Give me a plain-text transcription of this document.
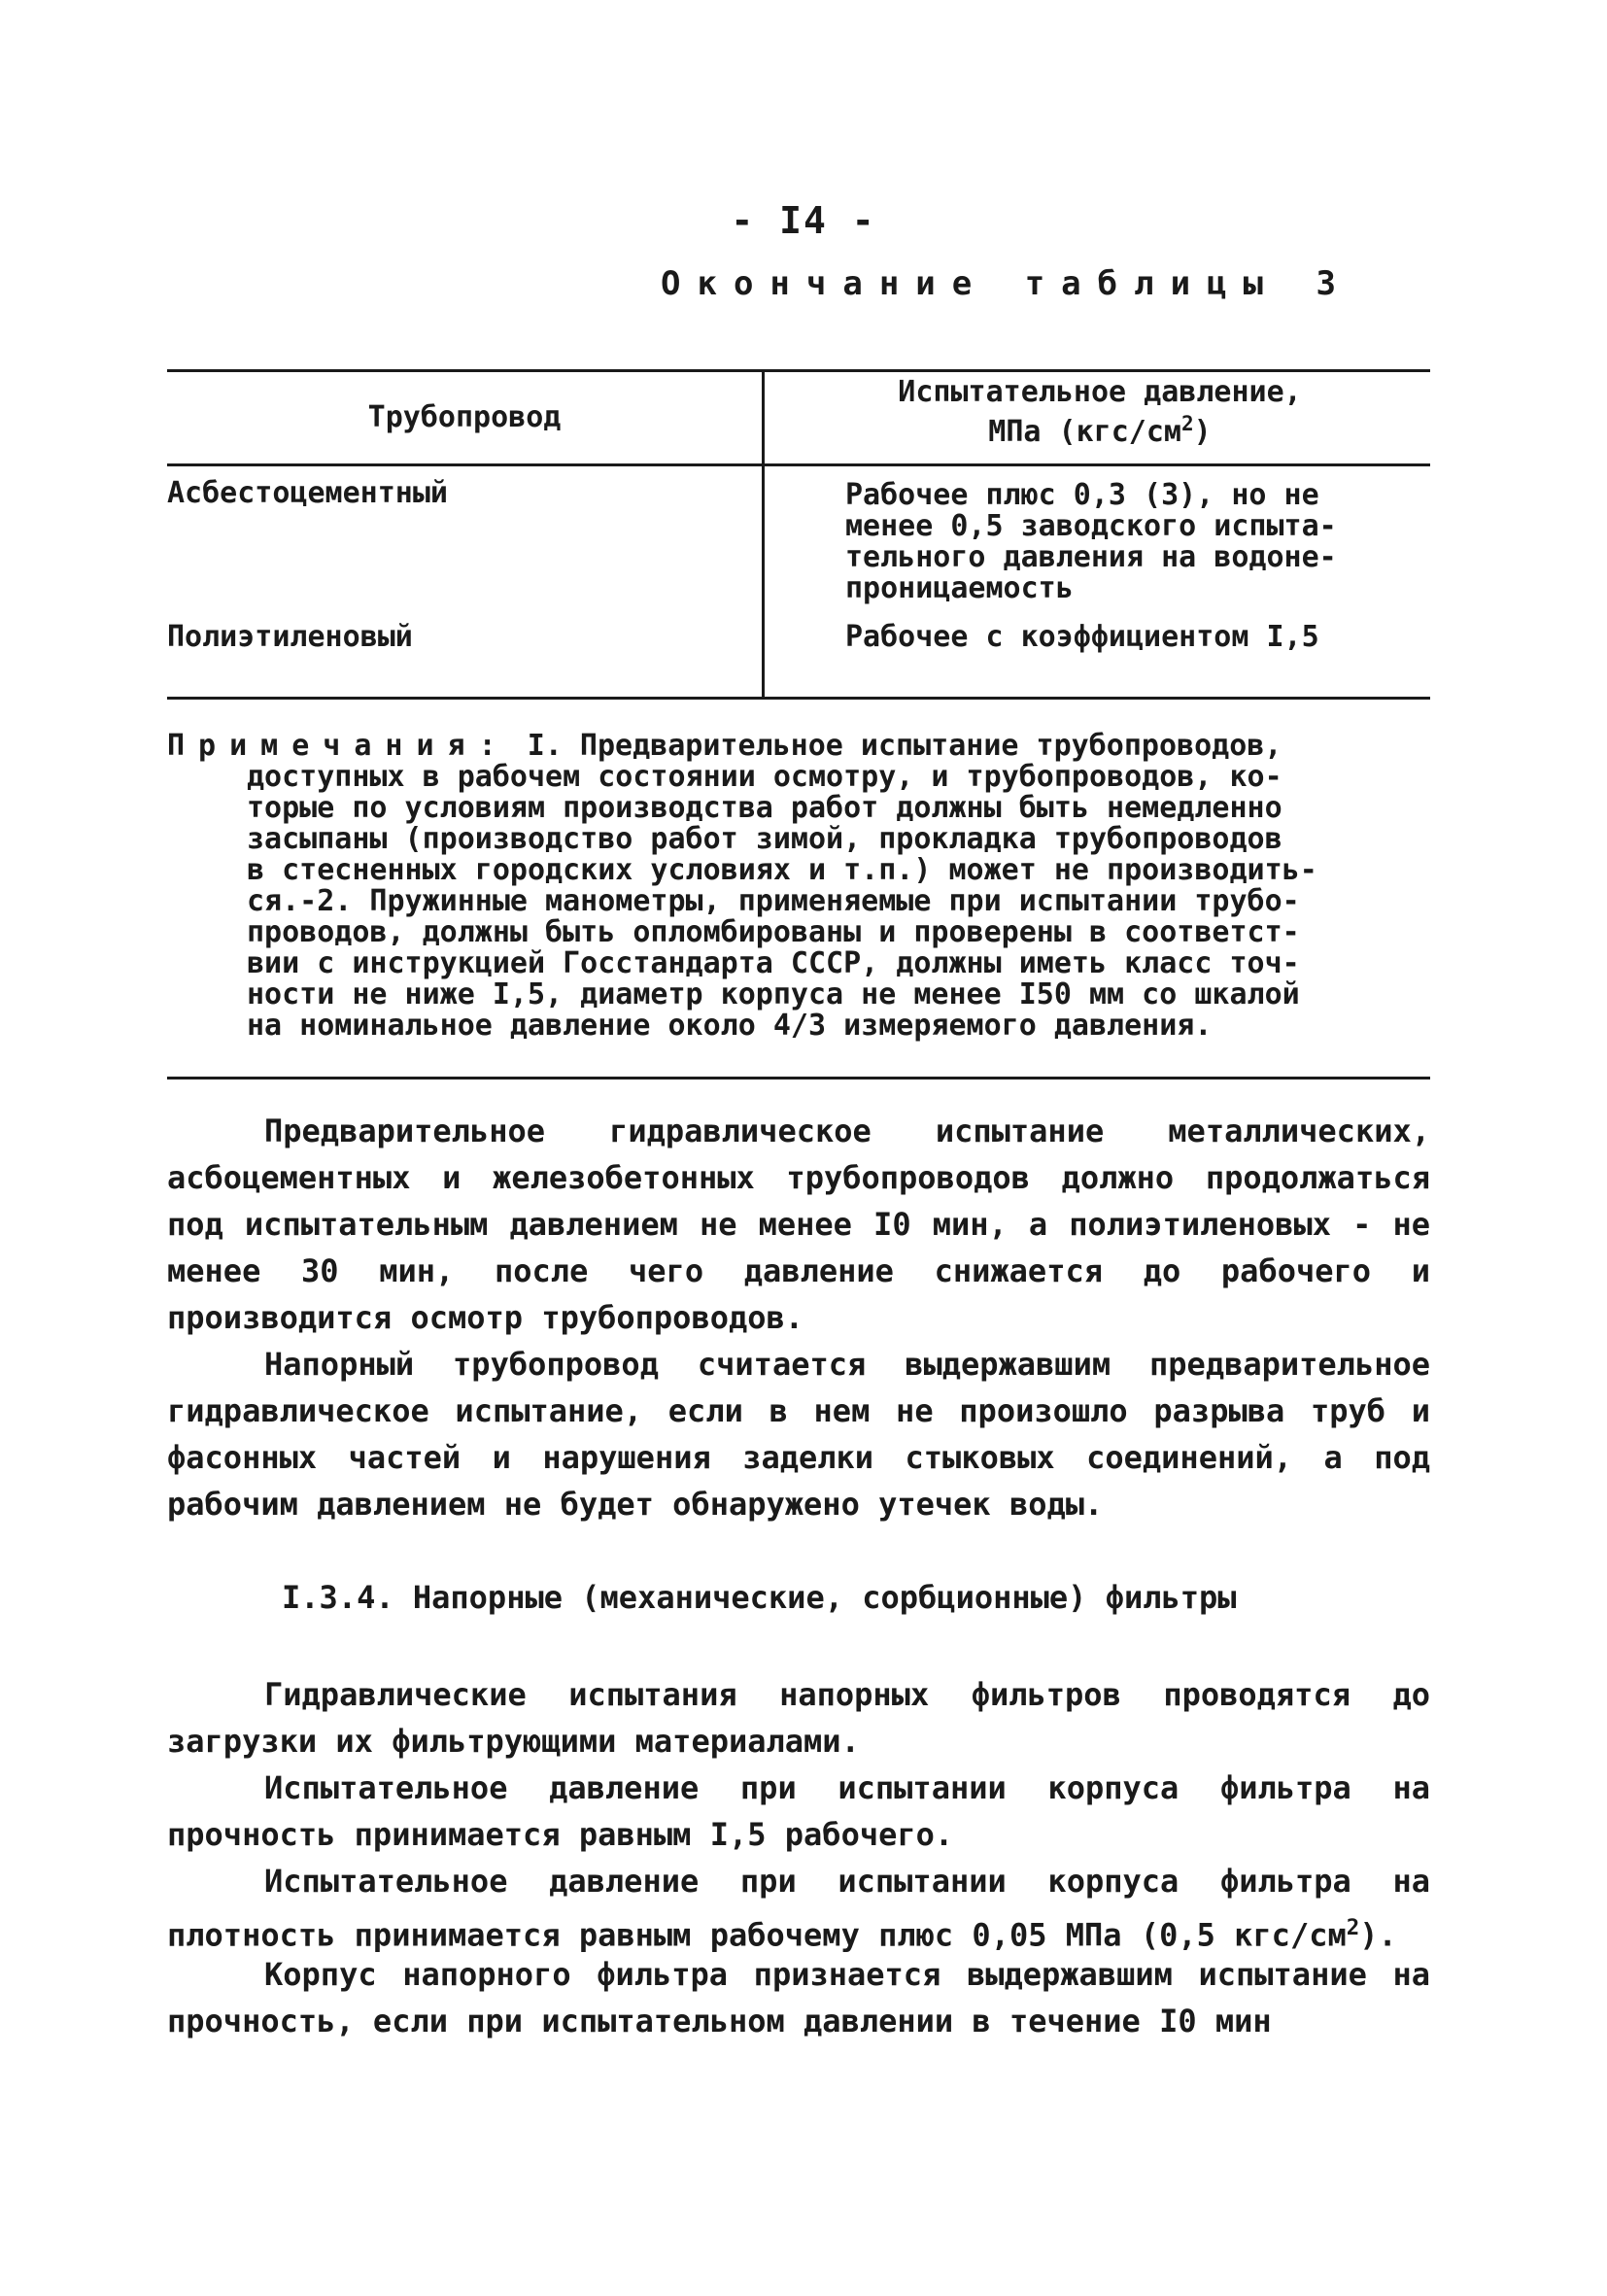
- I4 -
Окончание таблицы 3
Трубопровод
Испытательное давление,
МПа $(кгс/см^2)$
Асбестоцементный	Рабочее плюс 0,3 (3), но не
менее 0,5 заводского испыта-
тельного давления на водоне-
проницаемость
Полиэтиленовый	Рабочее с коэффициентом I,5
Примечания: I. Предварительное испытание трубопроводов,
доступных в рабочем состоянии осмотру, и трубопроводов, ко-
торые по условиям производства работ должны быть немедленно
засыпаны (производство работ зимой, прокладка трубопроводов
в стесненных городских условиях и т.п.) может не производить-
ся.-2. Пружинные манометры, применяемые при испытании трубо-
проводов, должны быть опломбированы и проверены в соответст-
вии с инструкцией Госстандарта СССР, должны иметь класс точ-
ности не ниже I,5, диаметр корпуса не менее I50 мм со шкалой
на номинальное давление около 4/3 измеряемого давления.
Предварительное гидравлическое испытание металлических, асбоцементных и железобетонных трубопроводов должно продолжаться под испытательным давлением не менее I0 мин, а полиэтиленовых - не менее 30 мин, после чего давление снижается до рабочего и производится осмотр трубопроводов.
Напорный трубопровод считается выдержавшим предварительное гидравлическое испытание, если в нем не произошло разрыва труб и фасонных частей и нарушения заделки стыковых соединений, а под рабочим давлением не будет обнаружено утечек воды.
I.3.4. Напорные (механические, сорбционные) фильтры
Гидравлические испытания напорных фильтров проводятся до загрузки их фильтрующими материалами.
Испытательное давление при испытании корпуса фильтра на прочность принимается равным I,5 рабочего.
Испытательное давление при испытании корпуса фильтра на плотность принимается равным рабочему плюс 0,05 МПа (0,5 кгс/$см^2$).
Корпус напорного фильтра признается выдержавшим испытание на прочность, если при испытательном давлении в течение I0 мин
